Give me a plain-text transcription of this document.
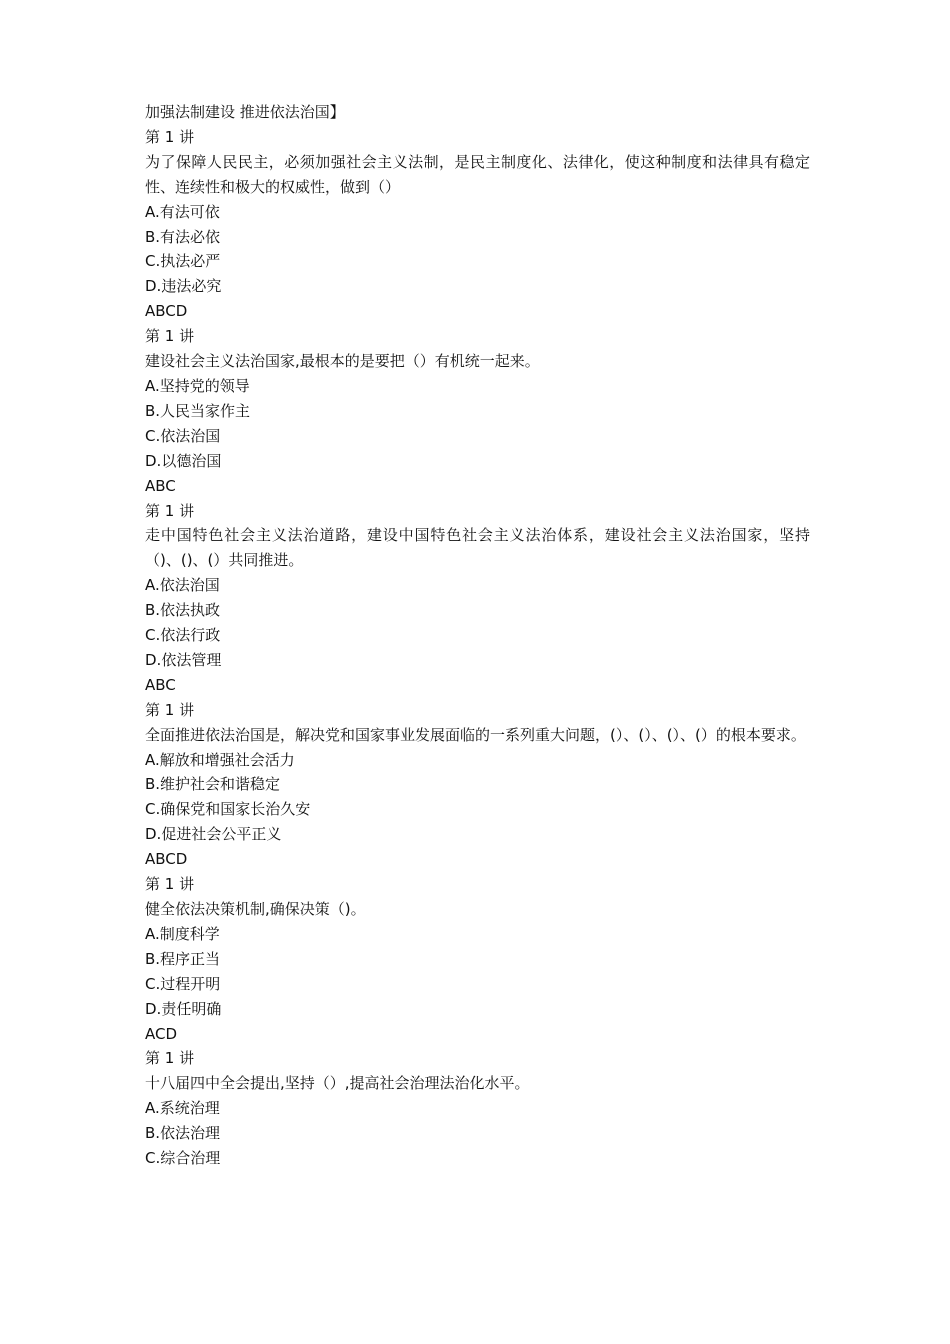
加强法制建设 推进依法治国】
第 1 讲
为了保障人民民主，必须加强社会主义法制，是民主制度化、法律化，使这种制度和法律具有稳定性、连续性和极大的权威性，做到（）
A.有法可依
B.有法必依
C.执法必严
D.违法必究
ABCD
第 1 讲
建设社会主义法治国家,最根本的是要把（）有机统一起来。
A.坚持党的领导
B.人民当家作主
C.依法治国
D.以德治国
ABC
第 1 讲
走中国特色社会主义法治道路，建设中国特色社会主义法治体系，建设社会主义法治国家，坚持（)、()、(）共同推进。
A.依法治国
B.依法执政
C.依法行政
D.依法管理
ABC
第 1 讲
全面推进依法治国是，解决党和国家事业发展面临的一系列重大问题，(）、(）、(）、(）的根本要求。
A.解放和增强社会活力
B.维护社会和谐稳定
C.确保党和国家长治久安
D.促进社会公平正义
ABCD
第 1 讲
健全依法决策机制,确保决策（)。
A.制度科学
B.程序正当
C.过程开明
D.责任明确
ACD
第 1 讲
十八届四中全会提出,坚持（）,提高社会治理法治化水平。
A.系统治理
B.依法治理
C.综合治理
